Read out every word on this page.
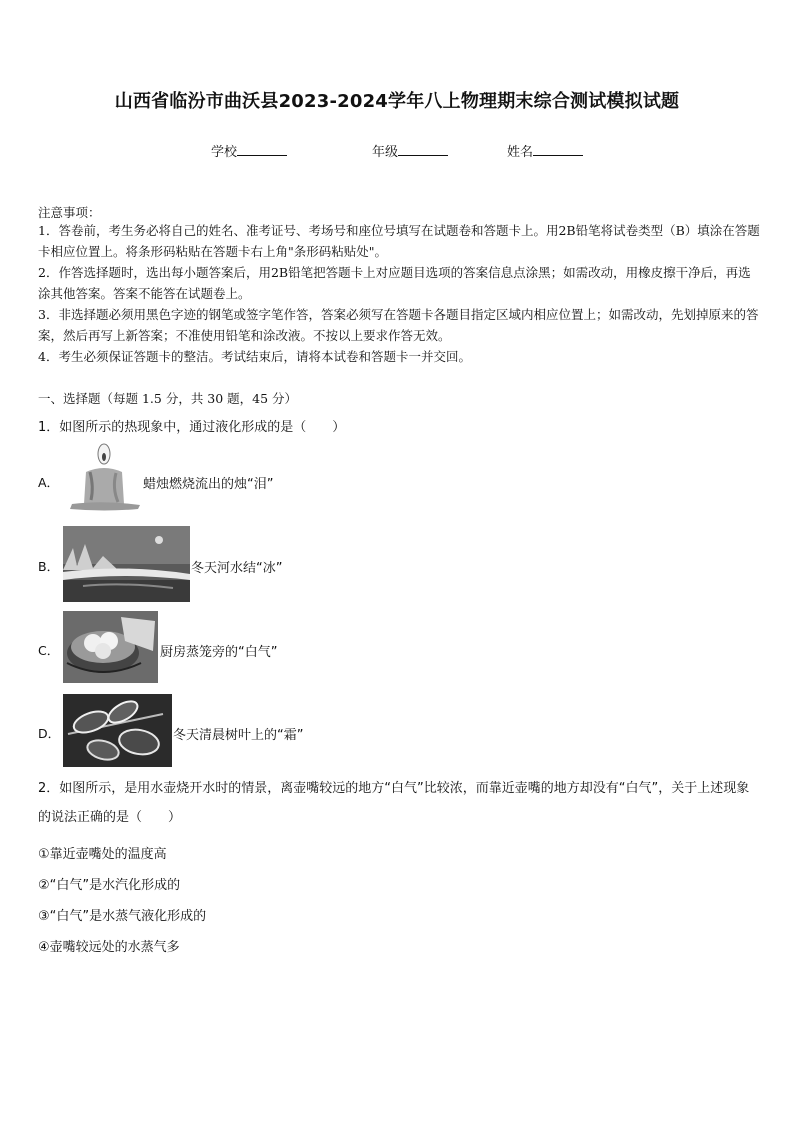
山西省临汾市曲沃县2023-2024学年八上物理期末综合测试模拟试题
学校	年级	姓名
注意事项：
1．答卷前，考生务必将自己的姓名、准考证号、考场号和座位号填写在试题卷和答题卡上。用2B铅笔将试卷类型（B）填涂在答题卡相应位置上。将条形码粘贴在答题卡右上角"条形码粘贴处"。
2．作答选择题时，选出每小题答案后，用2B铅笔把答题卡上对应题目选项的答案信息点涂黑；如需改动，用橡皮擦干净后，再选涂其他答案。答案不能答在试题卷上。
3．非选择题必须用黑色字迹的钢笔或签字笔作答，答案必须写在答题卡各题目指定区域内相应位置上；如需改动，先划掉原来的答案，然后再写上新答案；不准使用铅笔和涂改液。不按以上要求作答无效。
4．考生必须保证答题卡的整洁。考试结束后，请将本试卷和答题卡一并交回。
一、选择题（每题 1.5 分，共 30 题，45 分）
1．如图所示的热现象中，通过液化形成的是（　　）
A．	蜡烛燃烧流出的烛“泪”
B．	冬天河水结“冰”
C．	厨房蒸笼旁的“白气”
D．	冬天清晨树叶上的“霜”
2．如图所示，是用水壶烧开水时的情景，离壶嘴较远的地方“白气”比较浓，而靠近壶嘴的地方却没有“白气”，关于上述现象的说法正确的是（　　）
①靠近壶嘴处的温度高
②“白气”是水汽化形成的
③“白气”是水蒸气液化形成的
④壶嘴较远处的水蒸气多
